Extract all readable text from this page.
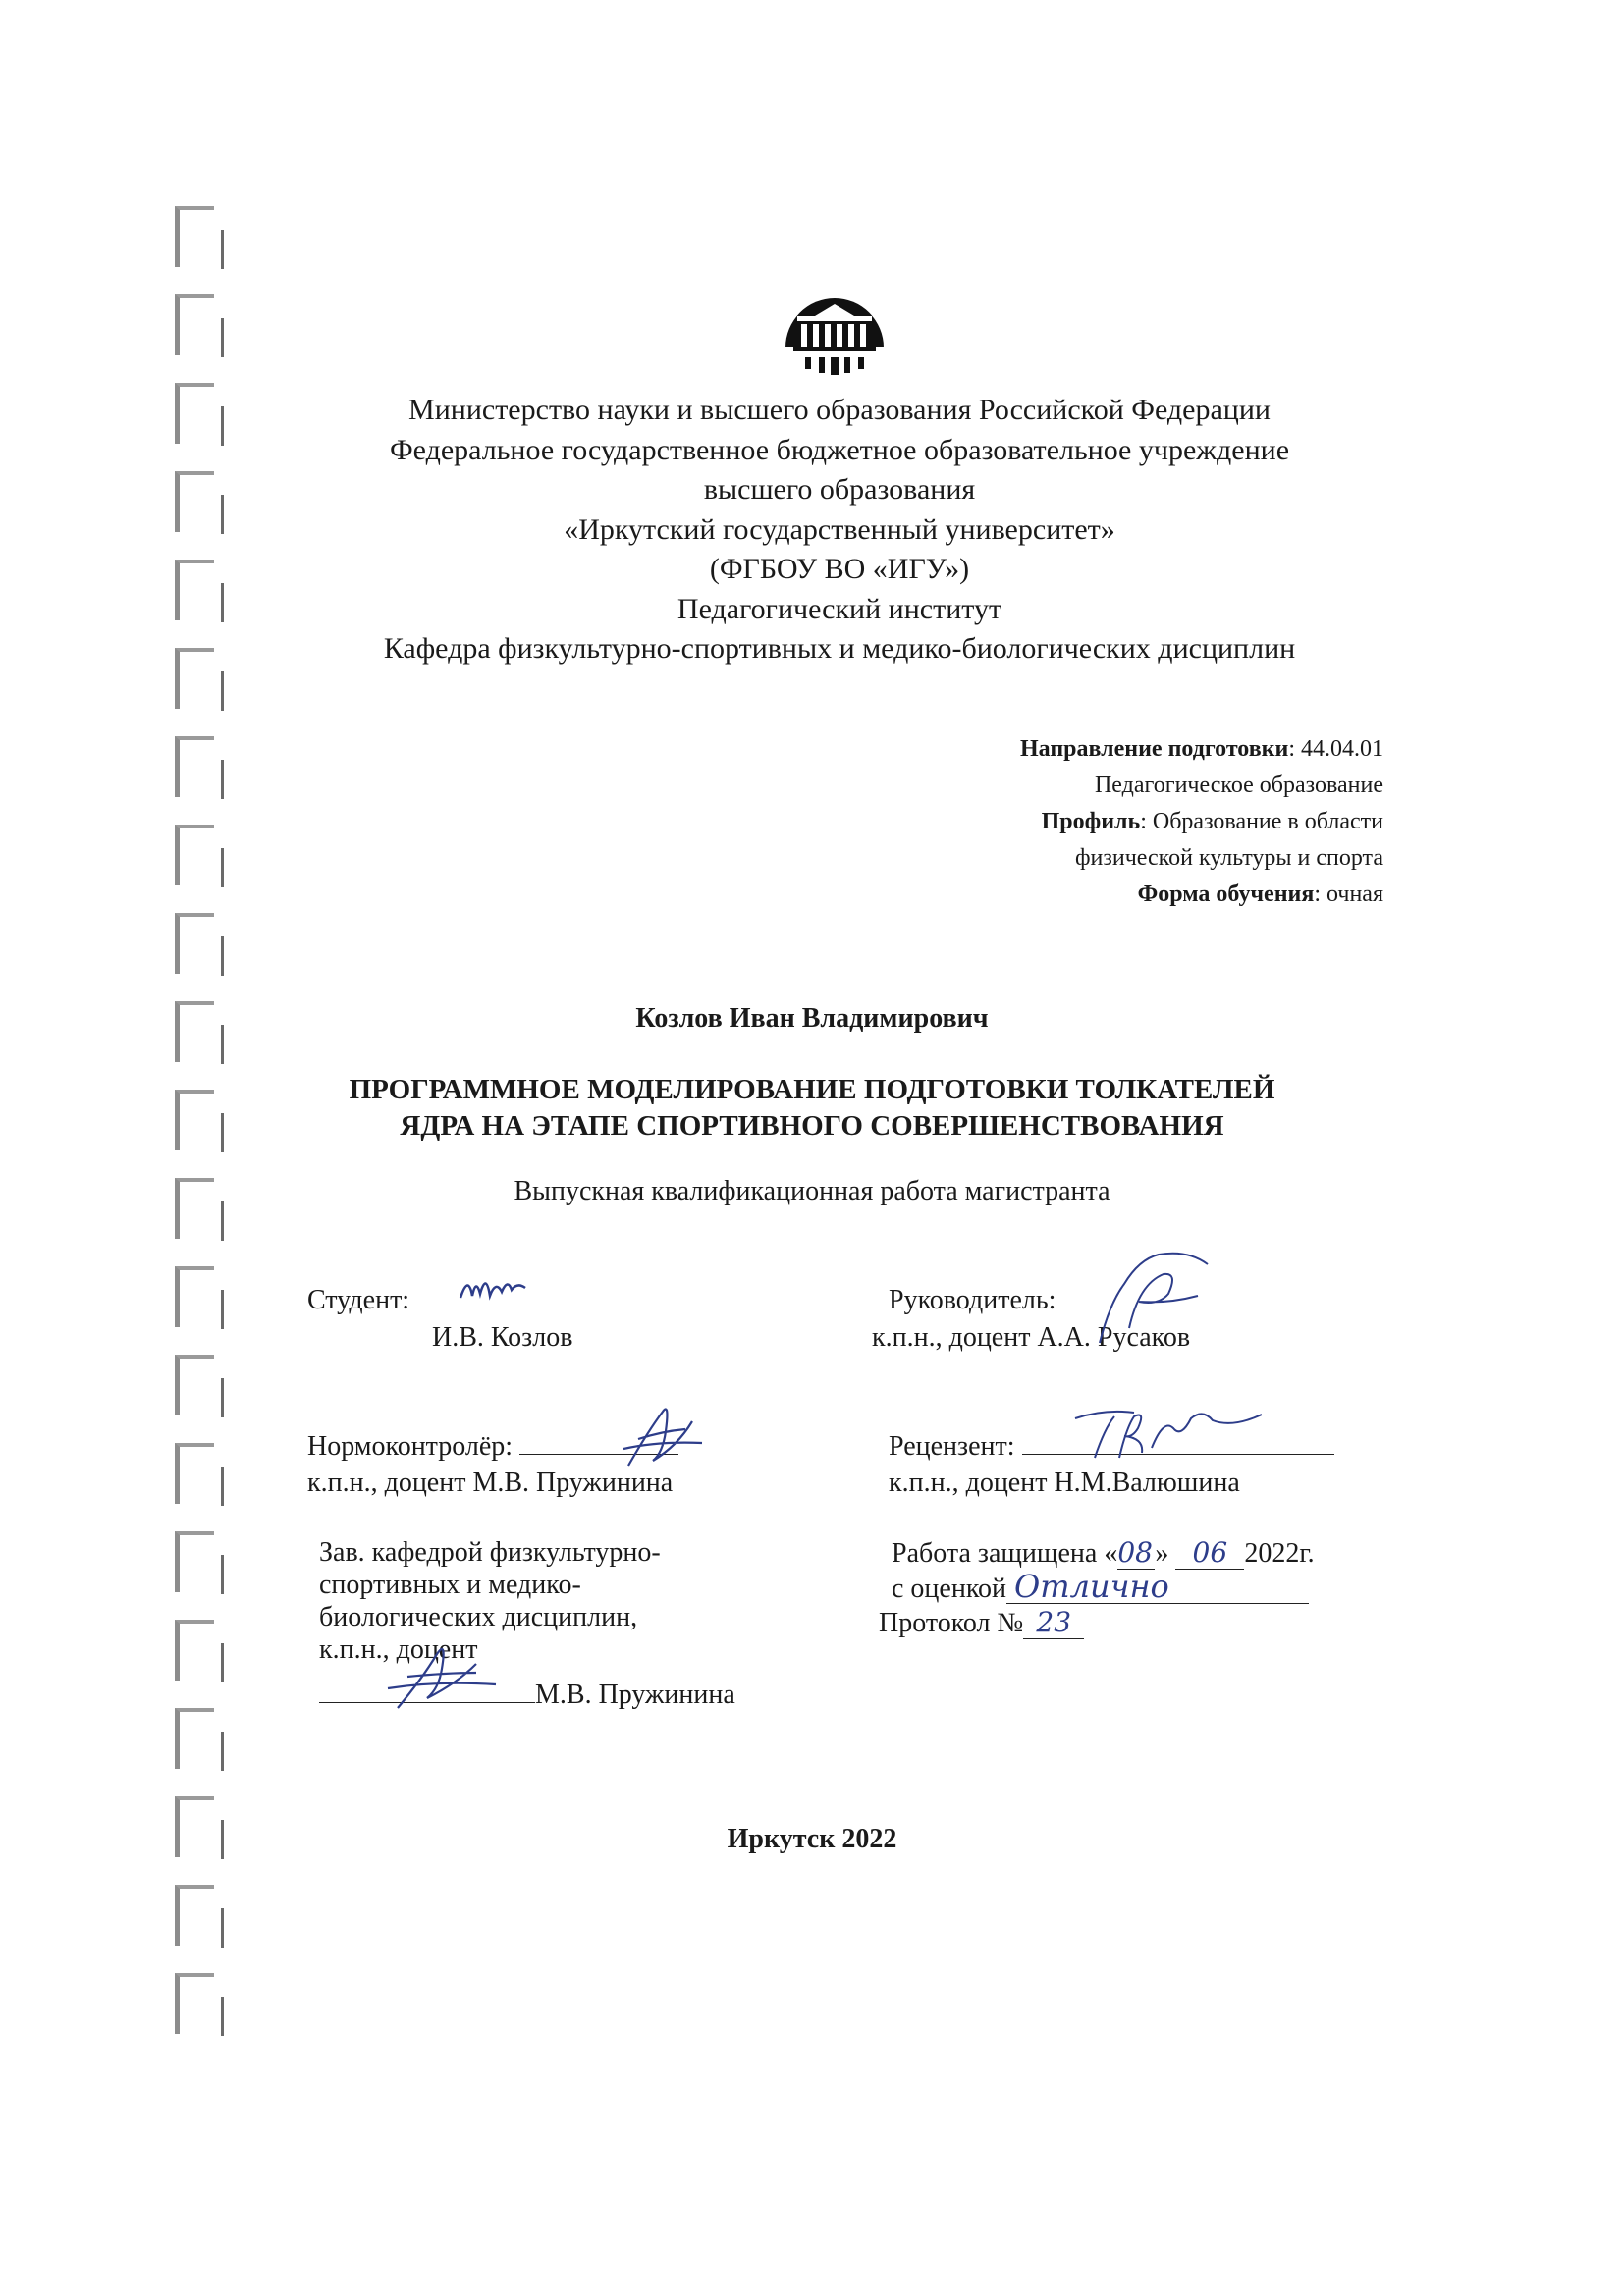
Министерство науки и высшего образования Российской Федерации
Федеральное государственное бюджетное образовательное учреждение
высшего образования
«Иркутский государственный университет»
(ФГБОУ ВО «ИГУ»)
Педагогический институт
Кафедра физкультурно-спортивных и медико-биологических дисциплин
Направление подготовки: 44.04.01
Педагогическое образование
Профиль: Образование в области
физической культуры и спорта
Форма обучения: очная
Козлов Иван Владимирович
ПРОГРАММНОЕ МОДЕЛИРОВАНИЕ ПОДГОТОВКИ ТОЛКАТЕЛЕЙ
ЯДРА НА ЭТАПЕ СПОРТИВНОГО СОВЕРШЕНСТВОВАНИЯ
Выпускная квалификационная работа магистранта
Студент:
И.В. Козлов
Руководитель:
к.п.н., доцент А.А. Русаков
Нормоконтролёр:
к.п.н., доцент М.В. Пружинина
Рецензент:
к.п.н., доцент Н.М.Валюшина
Зав. кафедрой физкультурно-
спортивных и медико-
биологических дисциплин,
к.п.н., доцент
М.В. Пружинина
Работа защищена «08» 06 2022г.
с оценкой Отлично
Протокол № 23
Иркутск 2022
